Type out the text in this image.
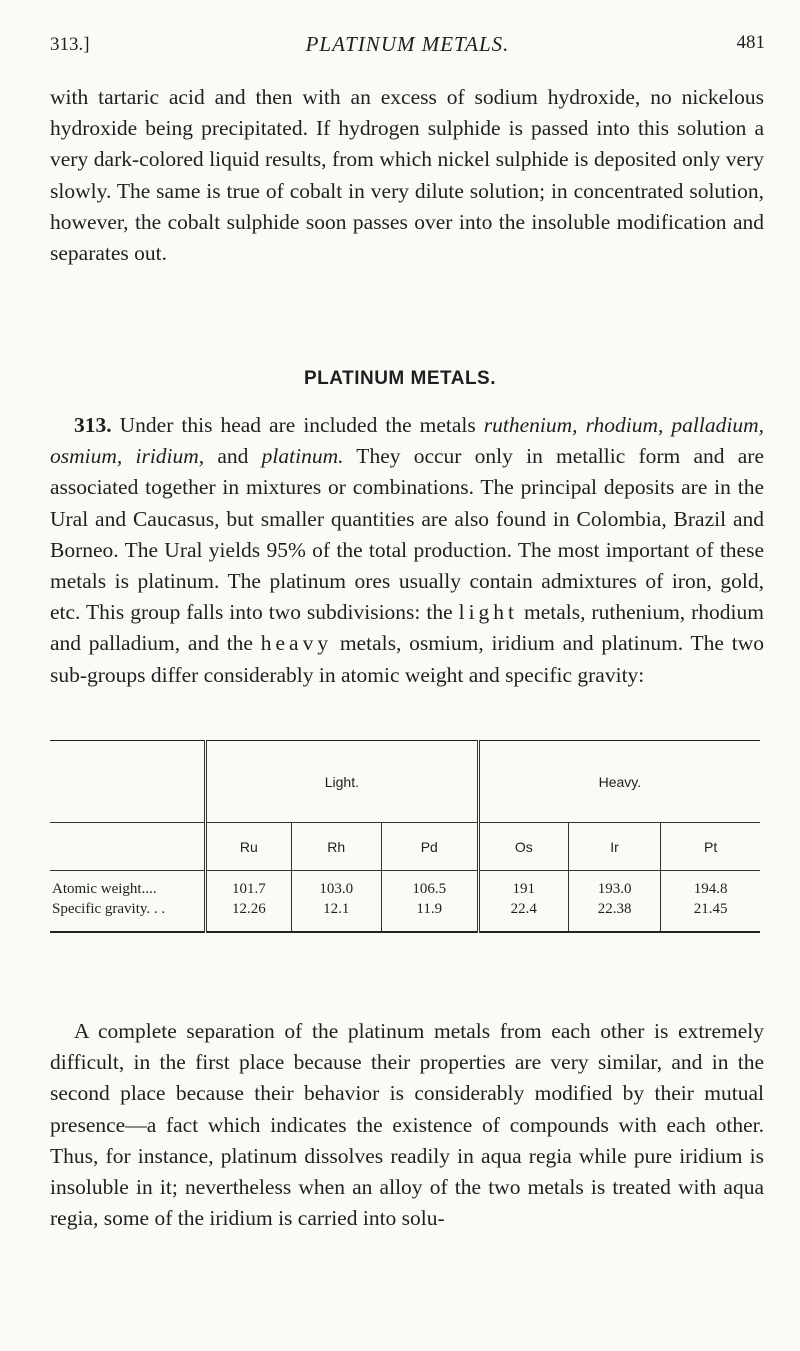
313.]	PLATINUM METALS.	481

with tartaric acid and then with an excess of sodium hydroxide, no nickelous hydroxide being precipitated. If hydrogen sulphide is passed into this solution a very dark-colored liquid results, from which nickel sulphide is deposited only very slowly. The same is true of cobalt in very dilute solution; in concentrated solution, however, the cobalt sulphide soon passes over into the insoluble modification and separates out.

PLATINUM METALS.

313. Under this head are included the metals ruthenium, rhodium, palladium, osmium, iridium, and platinum. They occur only in metallic form and are associated together in mixtures or combinations. The principal deposits are in the Ural and Caucasus, but smaller quantities are also found in Colombia, Brazil and Borneo. The Ural yields 95% of the total production. The most important of these metals is platinum. The platinum ores usually contain admixtures of iron, gold, etc. This group falls into two subdivisions: the light metals, ruthenium, rhodium and palladium, and the heavy metals, osmium, iridium and platinum. The two sub-groups differ considerably in atomic weight and specific gravity:

	Light.			Heavy.		
	Ru	Rh	Pd	Os	Ir	Pt
Atomic weight....	101.7	103.0	106.5	191	193.0	194.8
Specific gravity. . .	12.26	12.1	11.9	22.4	22.38	21.45

A complete separation of the platinum metals from each other is extremely difficult, in the first place because their properties are very similar, and in the second place because their behavior is considerably modified by their mutual presence—a fact which indicates the existence of compounds with each other. Thus, for instance, platinum dissolves readily in aqua regia while pure iridium is insoluble in it; nevertheless when an alloy of the two metals is treated with aqua regia, some of the iridium is carried into solu-
